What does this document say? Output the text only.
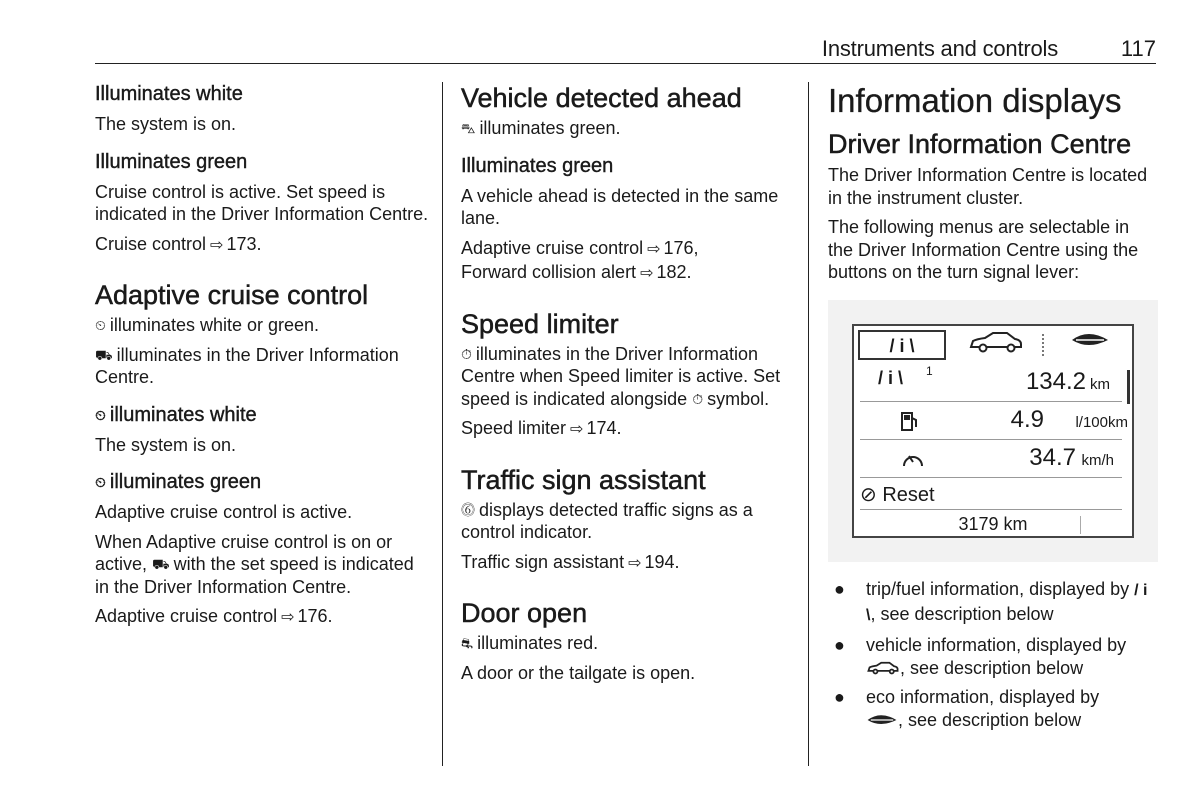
Instruments and controls	117
Illuminates white
The system is on.
Illuminates green
Cruise control is active. Set speed is indicated in the Driver Information Centre.
Cruise control ⇨ 173.
Adaptive cruise control
⏲ illuminates white or green.
⛟ illuminates in the Driver Information Centre.
⏲ illuminates white
The system is on.
⏲ illuminates green
Adaptive cruise control is active.
When Adaptive cruise control is on or active, ⛟ with the set speed is indicated in the Driver Information Centre.
Adaptive cruise control ⇨ 176.
Vehicle detected ahead
⛍ illuminates green.
Illuminates green
A vehicle ahead is detected in the same lane.
Adaptive cruise control ⇨ 176,
Forward collision alert ⇨ 182.
Speed limiter
⏱ illuminates in the Driver Information Centre when Speed limiter is active. Set speed is indicated alongside ⏱ symbol.
Speed limiter ⇨ 174.
Traffic sign assistant
⓺ displays detected traffic signs as a control indicator.
Traffic sign assistant ⇨ 194.
Door open
⛐ illuminates red.
A door or the tailgate is open.
Information displays
Driver Information Centre
The Driver Information Centre is located in the instrument cluster.
The following menus are selectable in the Driver Information Centre using the buttons on the turn signal lever:
/ i \
/ i \ 1	134.2 km
4.9 l/100km
34.7 km/h
⊘ Reset
3179 km
● trip/fuel information, displayed by / i \, see description below
● vehicle information, displayed by , see description below
● eco information, displayed by
, see description below
